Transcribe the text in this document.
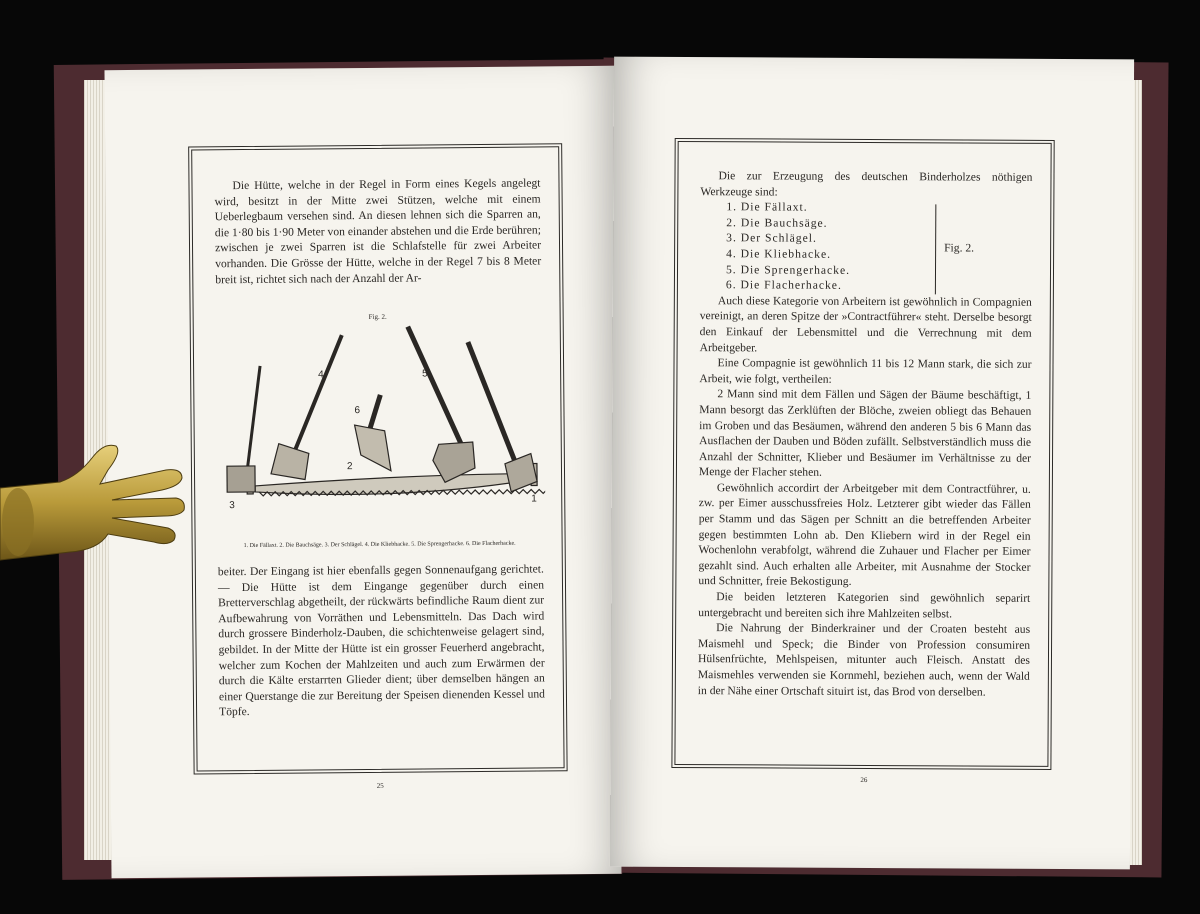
Die Hütte, welche in der Regel in Form eines Kegels angelegt wird, besitzt in der Mitte zwei Stützen, welche mit einem Ueberlegbaum versehen sind. An diesen lehnen sich die Sparren an, die 1·80 bis 1·90 Meter von einander abstehen und die Erde berühren; zwischen je zwei Sparren ist die Schlafstelle für zwei Arbeiter vorhanden. Die Grösse der Hütte, welche in der Regel 7 bis 8 Meter breit ist, richtet sich nach der Anzahl der Ar-

Fig. 2.
1
2
3
4	5
6
1. Die Fällaxt. 2. Die Bauchsäge. 3. Der Schlägel. 4. Die Kliebhacke. 5. Die Sprengerhacke. 6. Die Flacherhacke.

beiter. Der Eingang ist hier ebenfalls gegen Sonnenaufgang gerichtet. — Die Hütte ist dem Eingange gegenüber durch einen Bretterverschlag abgetheilt, der rückwärts befindliche Raum dient zur Aufbewahrung von Vorräthen und Lebensmitteln. Das Dach wird durch grossere Binderholz-Dauben, die schichtenweise gelagert sind, gebildet. In der Mitte der Hütte ist ein grosser Feuerherd angebracht, welcher zum Kochen der Mahlzeiten und auch zum Erwärmen der durch die Kälte erstarrten Glieder dient; über demselben hängen an einer Querstange die zur Bereitung der Speisen dienenden Kessel und Töpfe.

25

Die zur Erzeugung des deutschen Binderholzes nöthigen Werkzeuge sind:

1. Die Fällaxt.
2. Die Bauchsäge.
3. Der Schlägel.
4. Die Kliebhacke.
5. Die Sprengerhacke.
6. Die Flacherhacke.
Fig. 2.

Auch diese Kategorie von Arbeitern ist gewöhnlich in Compagnien vereinigt, an deren Spitze der »Contractführer« steht. Derselbe besorgt den Einkauf der Lebensmittel und die Verrechnung mit dem Arbeitgeber.

Eine Compagnie ist gewöhnlich 11 bis 12 Mann stark, die sich zur Arbeit, wie folgt, vertheilen:

2 Mann sind mit dem Fällen und Sägen der Bäume beschäftigt, 1 Mann besorgt das Zerklüften der Blöche, zweien obliegt das Behauen im Groben und das Besäumen, während den anderen 5 bis 6 Mann das Ausflachen der Dauben und Böden zufällt. Selbstverständlich muss die Anzahl der Schnitter, Klieber und Besäumer im Verhältnisse zu der Menge der Flacher stehen.

Gewöhnlich accordirt der Arbeitgeber mit dem Contractführer, u. zw. per Eimer ausschussfreies Holz. Letzterer gibt wieder das Fällen per Stamm und das Sägen per Schnitt an die betreffenden Arbeiter gegen bestimmten Lohn ab. Den Kliebern wird in der Regel ein Wochenlohn verabfolgt, während die Zuhauer und Flacher per Eimer gezahlt sind. Auch erhalten alle Arbeiter, mit Ausnahme der Stocker und Schnitter, freie Bekostigung.

Die beiden letzteren Kategorien sind gewöhnlich separirt untergebracht und bereiten sich ihre Mahlzeiten selbst.

Die Nahrung der Binderkrainer und der Croaten besteht aus Maismehl und Speck; die Binder von Profession consumiren Hülsenfrüchte, Mehlspeisen, mitunter auch Fleisch. Anstatt des Maismehles verwenden sie Kornmehl, beziehen auch, wenn der Wald in der Nähe einer Ortschaft situirt ist, das Brod von derselben.

26
